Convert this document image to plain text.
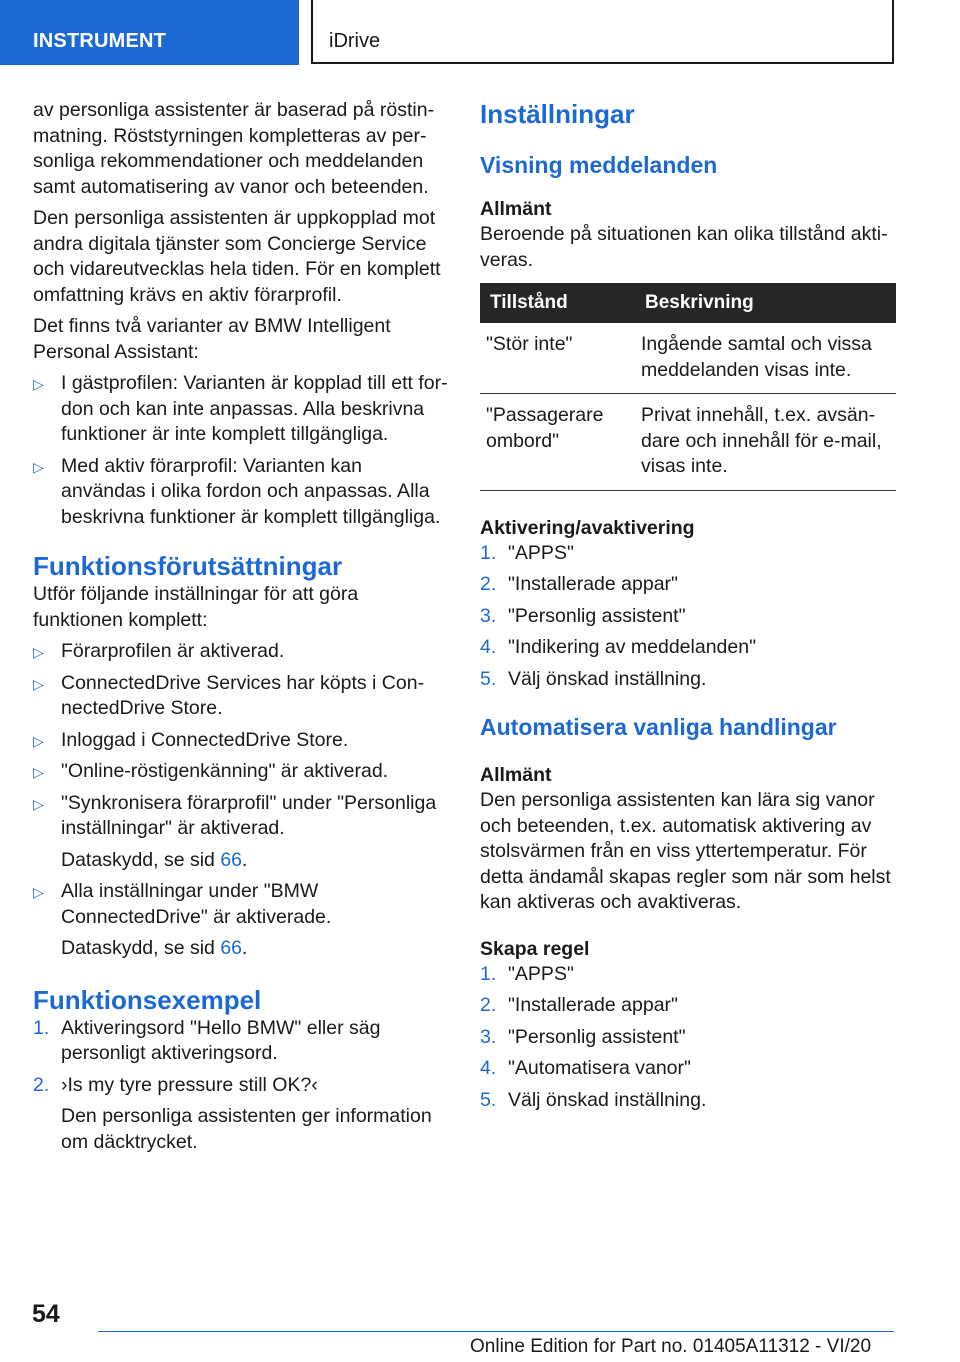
INSTRUMENT	iDrive

av personliga assistenter är baserad på röstinmatning. Röststyrningen kompletteras av personliga rekommendationer och meddelanden samt automatisering av vanor och beteenden.

Den personliga assistenten är uppkopplad mot andra digitala tjänster som Concierge Service och vidareutvecklas hela tiden. För en komplett omfattning krävs en aktiv förarprofil.

Det finns två varianter av BMW Intelligent Personal Assistant:

▷ I gästprofilen: Varianten är kopplad till ett fordon och kan inte anpassas. Alla beskrivna funktioner är inte komplett tillgängliga.
▷ Med aktiv förarprofil: Varianten kan användas i olika fordon och anpassas. Alla beskrivna funktioner är komplett tillgängliga.
Funktionsförutsättningar

Utför följande inställningar för att göra funktionen komplett:

▷ Förarprofilen är aktiverad.
▷ ConnectedDrive Services har köpts i ConnectedDrive Store.
▷ Inloggad i ConnectedDrive Store.
▷ "Online-röstigenkänning" är aktiverad.
▷ "Synkronisera förarprofil" under "Personliga inställningar" är aktiverad.
Dataskydd, se sid 66.
▷ Alla inställningar under "BMW ConnectedDrive" är aktiverade.
Dataskydd, se sid 66.
Funktionsexempel
1. Aktiveringsord "Hello BMW" eller säg personligt aktiveringsord.
2. ›Is my tyre pressure still OK?‹
Den personliga assistenten ger information om däcktrycket.
Inställningar
Visning meddelanden
Allmänt

Beroende på situationen kan olika tillstånd aktiveras.

Tillstånd	Beskrivning
"Stör inte"	Ingående samtal och vissa meddelanden visas inte.
"Passagerare ombord"	Privat innehåll, t.ex. avsändare och innehåll för e-mail, visas inte.
Aktivering/avaktivering
1. "APPS"
2. "Installerade appar"
3. "Personlig assistent"
4. "Indikering av meddelanden"
5. Välj önskad inställning.
Automatisera vanliga handlingar
Allmänt

Den personliga assistenten kan lära sig vanor och beteenden, t.ex. automatisk aktivering av stolsvärmen från en viss yttertemperatur. För detta ändamål skapas regler som när som helst kan aktiveras och avaktiveras.

Skapa regel
1. "APPS"
2. "Installerade appar"
3. "Personlig assistent"
4. "Automatisera vanor"
5. Välj önskad inställning.
54
Online Edition for Part no. 01405A11312 - VI/20
